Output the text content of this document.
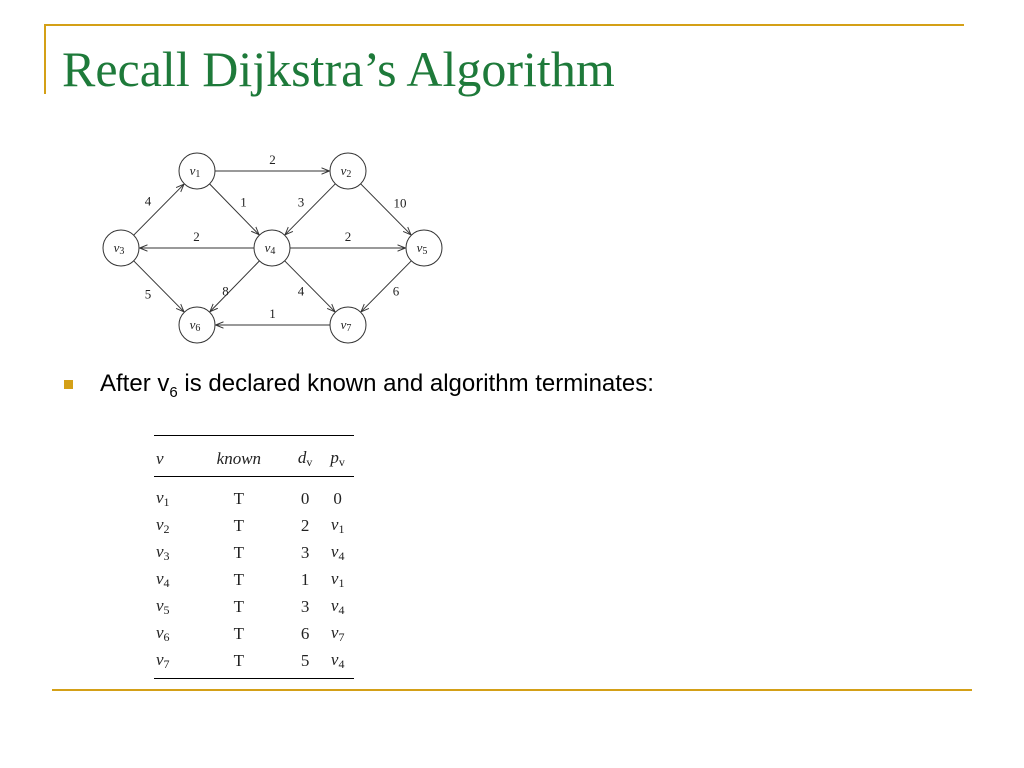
Recall Dijkstra’s Algorithm
2
4	1	3	10
2	2
5	8	4	6
1
v1	v2
v3	v4	v5
v6	v7
After $v_6$ is declared known and algorithm terminates:
v	known	dv	pv
v1	T	0	0
v2	T	2	v1
v3	T	3	v4
v4	T	1	v1
v5	T	3	v4
v6	T	6	v7
v7	T	5	v4
